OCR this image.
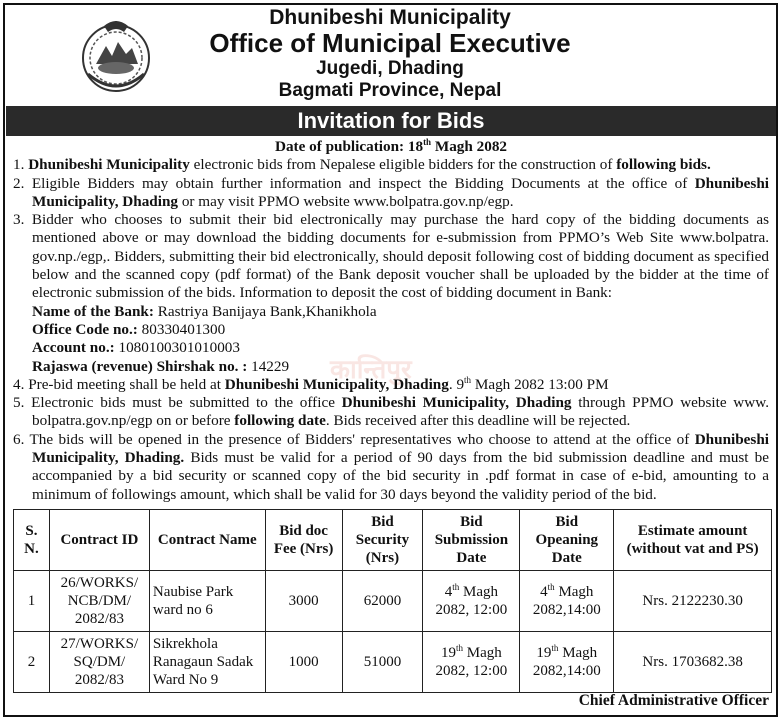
Dhunibeshi Municipality
Office of Municipal Executive
Jugedi, Dhading
Bagmati Province, Nepal
Invitation for Bids
कान्तिपुर
Date of publication: 18th Magh 2082
1. Dhunibeshi Municipality electronic bids from Nepalese eligible bidders for the construction of following bids.
2. Eligible Bidders may obtain further information and inspect the Bidding Documents at the office of Dhunibeshi Municipality, Dhading or may visit PPMO website www.bolpatra.gov.np/egp.
3. Bidder who chooses to submit their bid electronically may purchase the hard copy of the bidding documents as mentioned above or may download the bidding documents for e-submission from PPMO’s Web Site www.bolpatra. gov.np./egp,. Bidders, submitting their bid electronically, should deposit following cost of bidding document as specified below and the scanned copy (pdf format) of the Bank deposit voucher shall be uploaded by the bidder at the time of electronic submission of the bids. Information to deposit the cost of bidding document in Bank:
Name of the Bank: Rastriya Banijaya Bank,Khanikhola
Office Code no.: 80330401300
Account no.: 1080100301010003
Rajaswa (revenue) Shirshak no. : 14229
4. Pre-bid meeting shall be held at Dhunibeshi Municipality, Dhading. 9th Magh 2082 13:00 PM
5. Electronic bids must be submitted to the office Dhunibeshi Municipality, Dhading through PPMO website www. bolpatra.gov.np/egp on or before following date. Bids received after this deadline will be rejected.
6. The bids will be opened in the presence of Bidders' representatives who choose to attend at the office of Dhunibeshi Municipality, Dhading. Bids must be valid for a period of 90 days from the bid submission deadline and must be accompanied by a bid security or scanned copy of the bid security in .pdf format in case of e-bid, amounting to a minimum of followings amount, which shall be valid for 30 days beyond the validity period of the bid.
S. N.	Contract ID	Contract Name	Bid doc Fee (Nrs)	Bid Security (Nrs)	Bid Submission Date	Bid Opeaning Date	Estimate amount (without vat and PS)
1	26/WORKS/ NCB/DM/ 2082/83	Naubise Park ward no 6	3000	62000	4th Magh 2082, 12:00	4th Magh 2082,14:00	Nrs. 2122230.30
2	27/WORKS/ SQ/DM/ 2082/83	Sikrekhola Ranagaun Sadak Ward No 9	1000	51000	19th Magh 2082, 12:00	19th Magh 2082,14:00	Nrs. 1703682.38
Chief Administrative Officer
